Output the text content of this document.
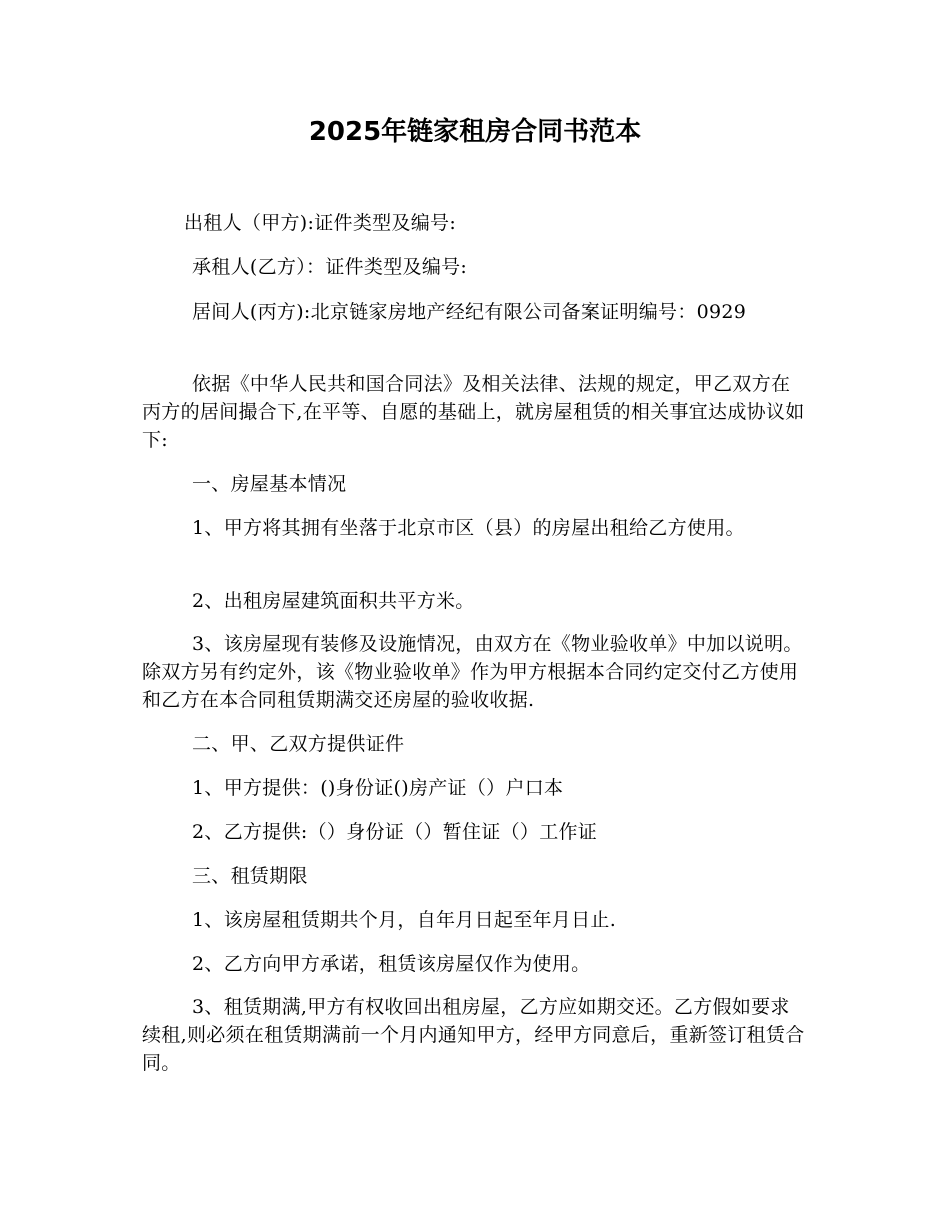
2025年链家租房合同书范本

出租人（甲方):证件类型及编号:

承租人(乙方）：证件类型及编号:

居间人(丙方):北京链家房地产经纪有限公司备案证明编号：0929

依据《中华人民共和国合同法》及相关法律、法规的规定，甲乙双方在丙方的居间撮合下,在平等、自愿的基础上，就房屋租赁的相关事宜达成协议如下:

一、房屋基本情况

1、甲方将其拥有坐落于北京市区（县）的房屋出租给乙方使用。

2、出租房屋建筑面积共平方米。

3、该房屋现有装修及设施情况，由双方在《物业验收单》中加以说明。除双方另有约定外，该《物业验收单》作为甲方根据本合同约定交付乙方使用和乙方在本合同租赁期满交还房屋的验收收据.

二、甲、乙双方提供证件

1、甲方提供：()身份证()房产证（）户口本

2、乙方提供:（）身份证（）暂住证（）工作证

三、租赁期限

1、该房屋租赁期共个月，自年月日起至年月日止.

2、乙方向甲方承诺，租赁该房屋仅作为使用。

3、租赁期满,甲方有权收回出租房屋，乙方应如期交还。乙方假如要求续租,则必须在租赁期满前一个月内通知甲方，经甲方同意后，重新签订租赁合同。
